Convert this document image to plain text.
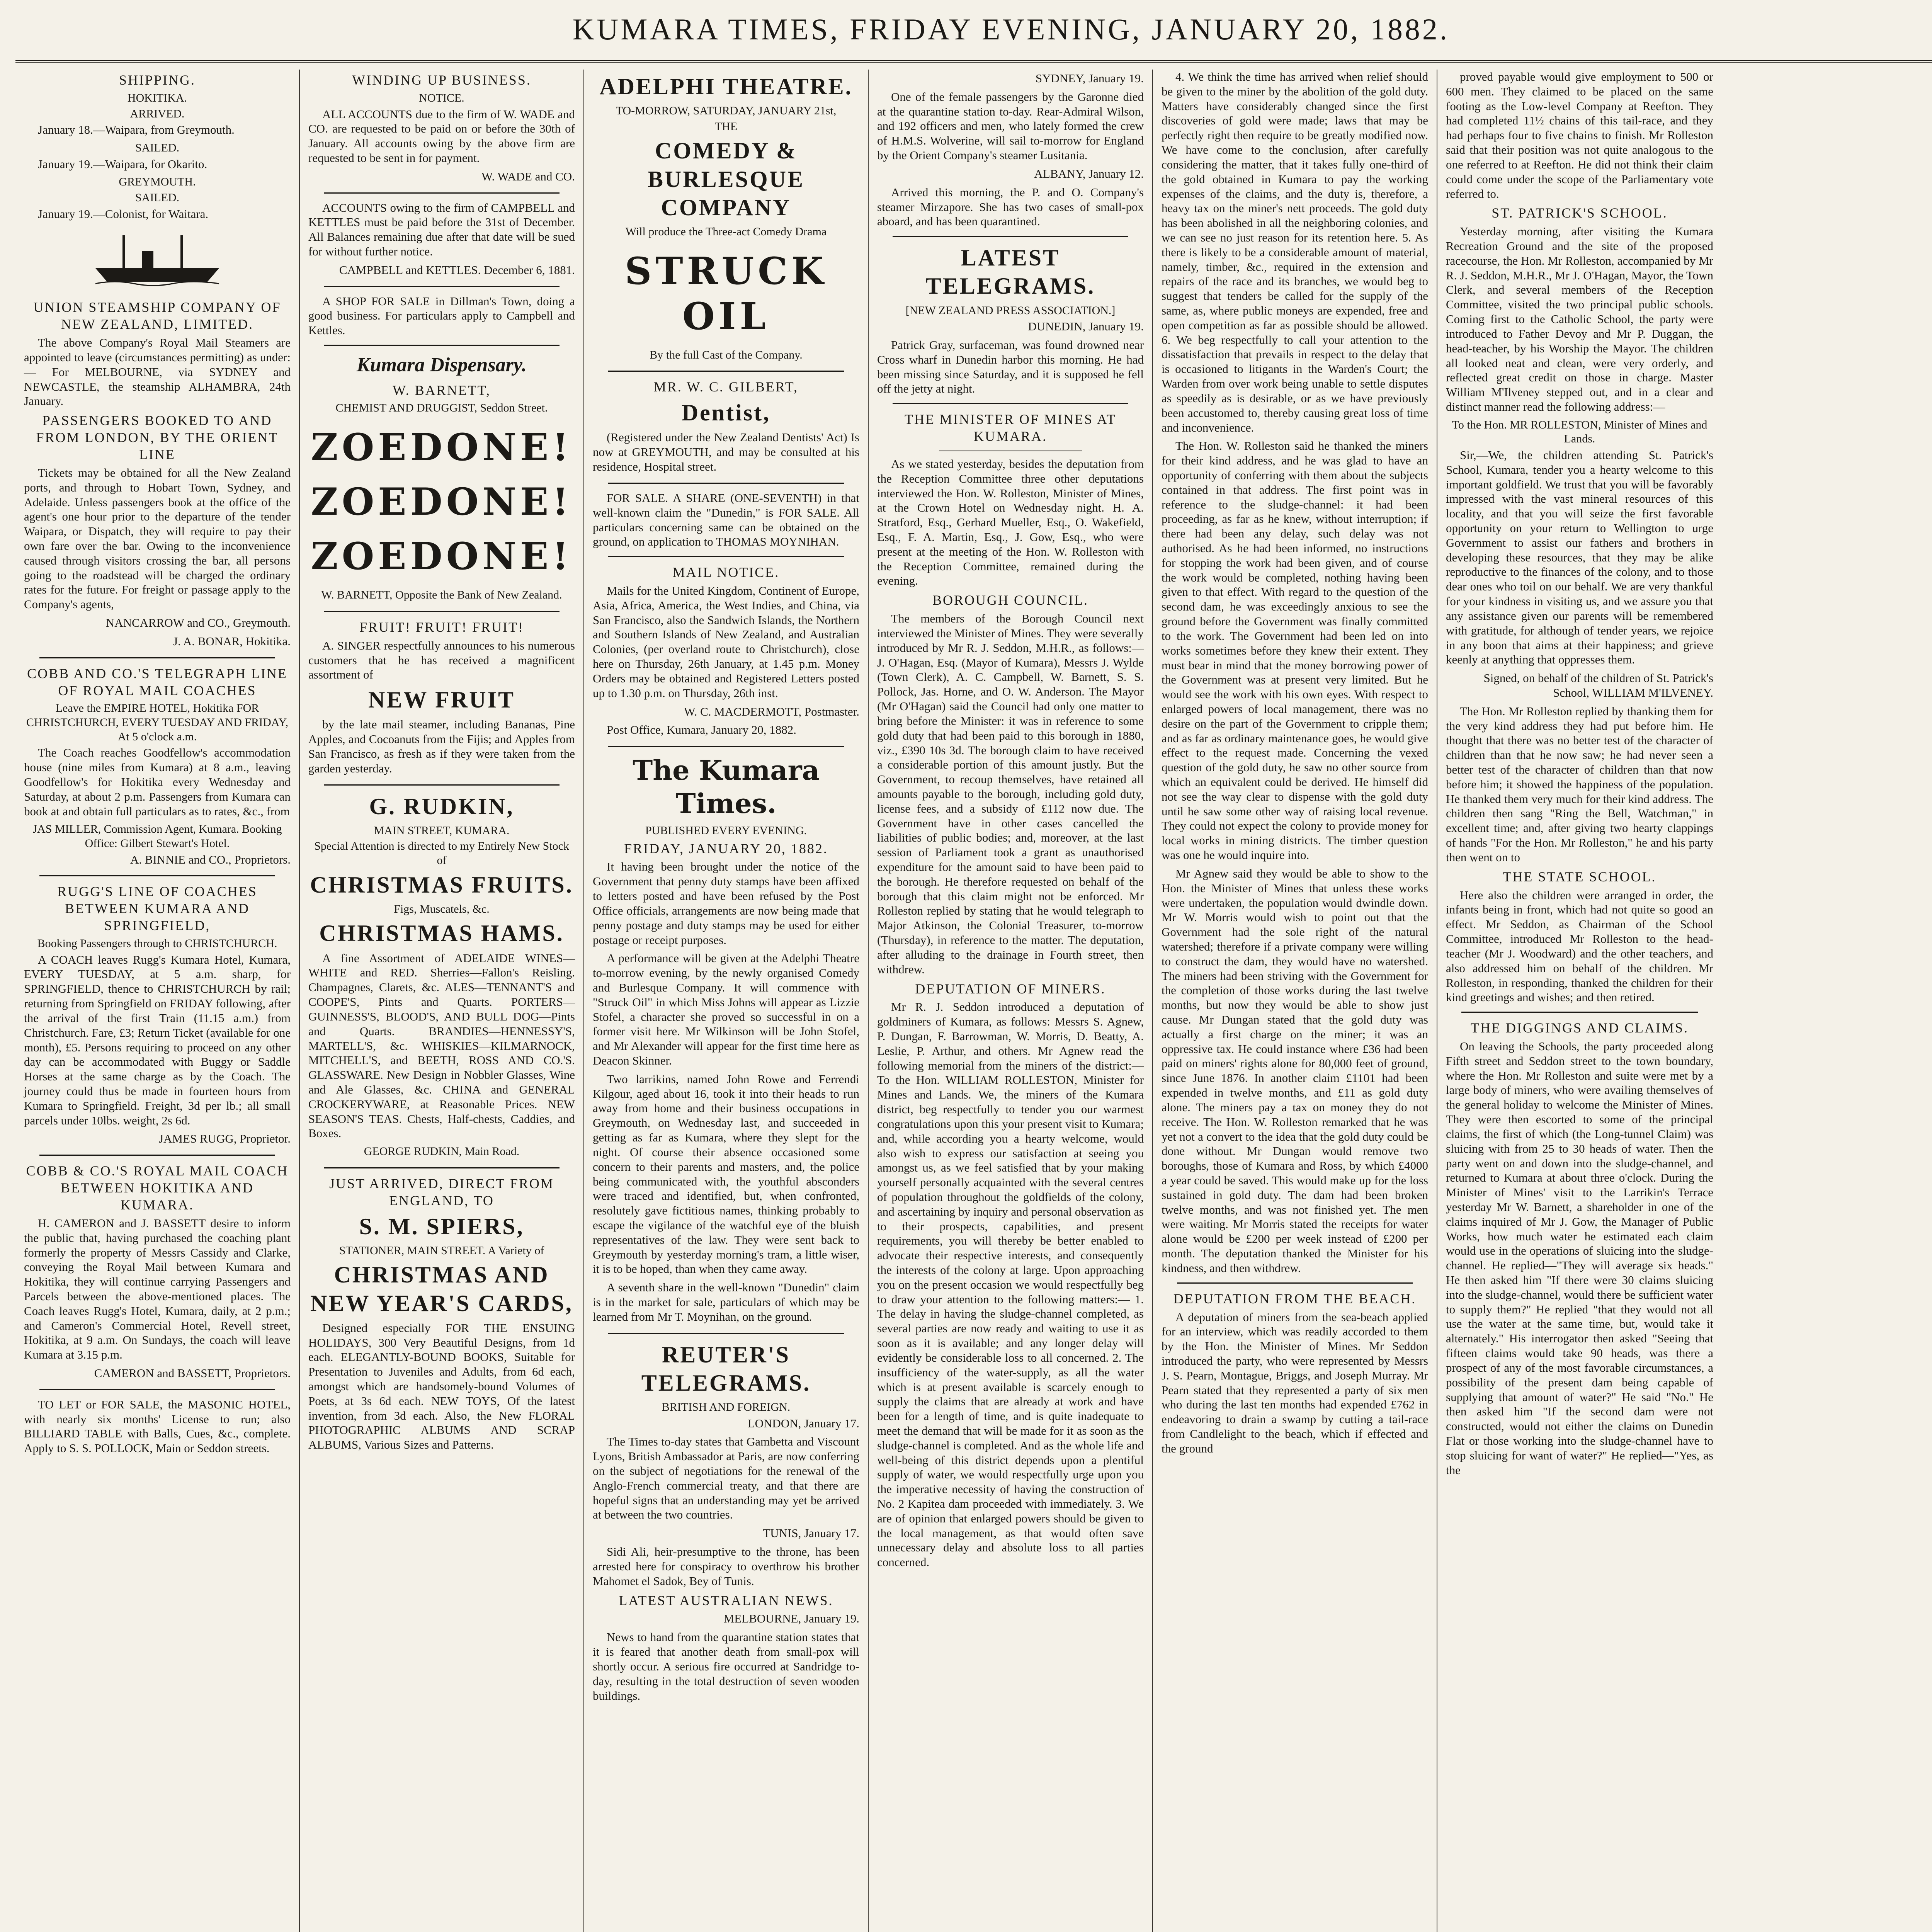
KUMARA TIMES, FRIDAY EVENING, JANUARY 20, 1882.
SHIPPING.
HOKITIKA.
ARRIVED.

January 18.—Waipara, from Greymouth.

SAILED.

January 19.—Waipara, for Okarito.

GREYMOUTH.
SAILED.

January 19.—Colonist, for Waitara.

UNION STEAMSHIP COMPANY OF NEW ZEALAND, LIMITED.

The above Company's Royal Mail Steamers are appointed to leave (circumstances permitting) as under:— For MELBOURNE, via SYDNEY and NEWCASTLE, the steamship ALHAMBRA, 24th January.

PASSENGERS BOOKED TO AND FROM LONDON, BY THE ORIENT LINE

Tickets may be obtained for all the New Zealand ports, and through to Hobart Town, Sydney, and Adelaide. Unless passengers book at the office of the agent's one hour prior to the departure of the tender Waipara, or Dispatch, they will require to pay their own fare over the bar. Owing to the inconvenience caused through visitors crossing the bar, all persons going to the roadstead will be charged the ordinary rates for the future. For freight or passage apply to the Company's agents,

NANCARROW and CO., Greymouth.
J. A. BONAR, Hokitika.
COBB AND CO.'S TELEGRAPH LINE OF ROYAL MAIL COACHES
Leave the EMPIRE HOTEL, Hokitika FOR CHRISTCHURCH, EVERY TUESDAY AND FRIDAY, At 5 o'clock a.m.

The Coach reaches Goodfellow's accommodation house (nine miles from Kumara) at 8 a.m., leaving Goodfellow's for Hokitika every Wednesday and Saturday, at about 2 p.m. Passengers from Kumara can book at and obtain full particulars as to rates, &c., from

JAS MILLER, Commission Agent, Kumara. Booking Office: Gilbert Stewart's Hotel.
A. BINNIE and CO., Proprietors.
RUGG'S LINE OF COACHES BETWEEN KUMARA AND SPRINGFIELD,
Booking Passengers through to CHRISTCHURCH.

A COACH leaves Rugg's Kumara Hotel, Kumara, EVERY TUESDAY, at 5 a.m. sharp, for SPRINGFIELD, thence to CHRISTCHURCH by rail; returning from Springfield on FRIDAY following, after the arrival of the first Train (11.15 a.m.) from Christchurch. Fare, £3; Return Ticket (available for one month), £5. Persons requiring to proceed on any other day can be accommodated with Buggy or Saddle Horses at the same charge as by the Coach. The journey could thus be made in fourteen hours from Kumara to Springfield. Freight, 3d per lb.; all small parcels under 10lbs. weight, 2s 6d.

JAMES RUGG, Proprietor.
COBB & CO.'S ROYAL MAIL COACH BETWEEN HOKITIKA AND KUMARA.

H. CAMERON and J. BASSETT desire to inform the public that, having purchased the coaching plant formerly the property of Messrs Cassidy and Clarke, conveying the Royal Mail between Kumara and Hokitika, they will continue carrying Passengers and Parcels between the above-mentioned places. The Coach leaves Rugg's Hotel, Kumara, daily, at 2 p.m.; and Cameron's Commercial Hotel, Revell street, Hokitika, at 9 a.m. On Sundays, the coach will leave Kumara at 3.15 p.m.

CAMERON and BASSETT, Proprietors.

TO LET or FOR SALE, the MASONIC HOTEL, with nearly six months' License to run; also BILLIARD TABLE with Balls, Cues, &c., complete. Apply to S. S. POLLOCK, Main or Seddon streets.

WINDING UP BUSINESS.
NOTICE.

ALL ACCOUNTS due to the firm of W. WADE and CO. are requested to be paid on or before the 30th of January. All accounts owing by the above firm are requested to be sent in for payment.

W. WADE and CO.

ACCOUNTS owing to the firm of CAMPBELL and KETTLES must be paid before the 31st of December. All Balances remaining due after that date will be sued for without further notice.

CAMPBELL and KETTLES. December 6, 1881.

A SHOP FOR SALE in Dillman's Town, doing a good business. For particulars apply to Campbell and Kettles.

Kumara Dispensary.
W. BARNETT,
CHEMIST AND DRUGGIST, Seddon Street.
ZOEDONE!
ZOEDONE!
ZOEDONE!
W. BARNETT, Opposite the Bank of New Zealand.
FRUIT! FRUIT! FRUIT!

A. SINGER respectfully announces to his numerous customers that he has received a magnificent assortment of

NEW FRUIT

by the late mail steamer, including Bananas, Pine Apples, and Cocoanuts from the Fijis; and Apples from San Francisco, as fresh as if they were taken from the garden yesterday.

G. RUDKIN,
MAIN STREET, KUMARA.
Special Attention is directed to my Entirely New Stock of
CHRISTMAS FRUITS.
Figs, Muscatels, &c.
CHRISTMAS HAMS.

A fine Assortment of ADELAIDE WINES—WHITE and RED. Sherries—Fallon's Reisling. Champagnes, Clarets, &c. ALES—TENNANT'S and COOPE'S, Pints and Quarts. PORTERS—GUINNESS'S, BLOOD'S, AND BULL DOG—Pints and Quarts. BRANDIES—HENNESSY'S, MARTELL'S, &c. WHISKIES—KILMARNOCK, MITCHELL'S, and BEETH, ROSS AND CO.'S. GLASSWARE. New Design in Nobbler Glasses, Wine and Ale Glasses, &c. CHINA and GENERAL CROCKERYWARE, at Reasonable Prices. NEW SEASON'S TEAS. Chests, Half-chests, Caddies, and Boxes.

GEORGE RUDKIN, Main Road.
JUST ARRIVED, DIRECT FROM ENGLAND, TO
S. M. SPIERS,
STATIONER, MAIN STREET. A Variety of
CHRISTMAS AND NEW YEAR'S CARDS,

Designed especially FOR THE ENSUING HOLIDAYS, 300 Very Beautiful Designs, from 1d each. ELEGANTLY-BOUND BOOKS, Suitable for Presentation to Juveniles and Adults, from 6d each, amongst which are handsomely-bound Volumes of Poets, at 3s 6d each. NEW TOYS, Of the latest invention, from 3d each. Also, the New FLORAL PHOTOGRAPHIC ALBUMS AND SCRAP ALBUMS, Various Sizes and Patterns.

ADELPHI THEATRE.
TO-MORROW, SATURDAY, JANUARY 21st,
THE
COMEDY & BURLESQUE COMPANY
Will produce the Three-act Comedy Drama
STRUCK OIL
By the full Cast of the Company.
MR. W. C. GILBERT,
Dentist,

(Registered under the New Zealand Dentists' Act) Is now at GREYMOUTH, and may be consulted at his residence, Hospital street.

FOR SALE. A SHARE (ONE-SEVENTH) in that well-known claim the "Dunedin," is FOR SALE. All particulars concerning same can be obtained on the ground, on application to THOMAS MOYNIHAN.

MAIL NOTICE.

Mails for the United Kingdom, Continent of Europe, Asia, Africa, America, the West Indies, and China, via San Francisco, also the Sandwich Islands, the Northern and Southern Islands of New Zealand, and Australian Colonies, (per overland route to Christchurch), close here on Thursday, 26th January, at 1.45 p.m. Money Orders may be obtained and Registered Letters posted up to 1.30 p.m. on Thursday, 26th inst.

W. C. MACDERMOTT, Postmaster.

Post Office, Kumara, January 20, 1882.

The Kumara Times.
PUBLISHED EVERY EVENING.
FRIDAY, JANUARY 20, 1882.

It having been brought under the notice of the Government that penny duty stamps have been affixed to letters posted and have been refused by the Post Office officials, arrangements are now being made that penny postage and duty stamps may be used for either postage or receipt purposes.

A performance will be given at the Adelphi Theatre to-morrow evening, by the newly organised Comedy and Burlesque Company. It will commence with "Struck Oil" in which Miss Johns will appear as Lizzie Stofel, a character she proved so successful in on a former visit here. Mr Wilkinson will be John Stofel, and Mr Alexander will appear for the first time here as Deacon Skinner.

Two larrikins, named John Rowe and Ferrendi Kilgour, aged about 16, took it into their heads to run away from home and their business occupations in Greymouth, on Wednesday last, and succeeded in getting as far as Kumara, where they slept for the night. Of course their absence occasioned some concern to their parents and masters, and, the police being communicated with, the youthful absconders were traced and identified, but, when confronted, resolutely gave fictitious names, thinking probably to escape the vigilance of the watchful eye of the bluish representatives of the law. They were sent back to Greymouth by yesterday morning's tram, a little wiser, it is to be hoped, than when they came away.

A seventh share in the well-known "Dunedin" claim is in the market for sale, particulars of which may be learned from Mr T. Moynihan, on the ground.

REUTER'S TELEGRAMS.
BRITISH AND FOREIGN.
LONDON, January 17.

The Times to-day states that Gambetta and Viscount Lyons, British Ambassador at Paris, are now conferring on the subject of negotiations for the renewal of the Anglo-French commercial treaty, and that there are hopeful signs that an understanding may yet be arrived at between the two countries.

TUNIS, January 17.

Sidi Ali, heir-presumptive to the throne, has been arrested here for conspiracy to overthrow his brother Mahomet el Sadok, Bey of Tunis.

LATEST AUSTRALIAN NEWS.
MELBOURNE, January 19.

News to hand from the quarantine station states that it is feared that another death from small-pox will shortly occur. A serious fire occurred at Sandridge to-day, resulting in the total destruction of seven wooden buildings.

SYDNEY, January 19.

One of the female passengers by the Garonne died at the quarantine station to-day. Rear-Admiral Wilson, and 192 officers and men, who lately formed the crew of H.M.S. Wolverine, will sail to-morrow for England by the Orient Company's steamer Lusitania.

ALBANY, January 12.

Arrived this morning, the P. and O. Company's steamer Mirzapore. She has two cases of small-pox aboard, and has been quarantined.

LATEST TELEGRAMS.
[NEW ZEALAND PRESS ASSOCIATION.]
DUNEDIN, January 19.

Patrick Gray, surfaceman, was found drowned near Cross wharf in Dunedin harbor this morning. He had been missing since Saturday, and it is supposed he fell off the jetty at night.

THE MINISTER OF MINES AT KUMARA.

As we stated yesterday, besides the deputation from the Reception Committee three other deputations interviewed the Hon. W. Rolleston, Minister of Mines, at the Crown Hotel on Wednesday night. H. A. Stratford, Esq., Gerhard Mueller, Esq., O. Wakefield, Esq., F. A. Martin, Esq., J. Gow, Esq., who were present at the meeting of the Hon. W. Rolleston with the Reception Committee, remained during the evening.

BOROUGH COUNCIL.

The members of the Borough Council next interviewed the Minister of Mines. They were severally introduced by Mr R. J. Seddon, M.H.R., as follows:— J. O'Hagan, Esq. (Mayor of Kumara), Messrs J. Wylde (Town Clerk), A. C. Campbell, W. Barnett, S. S. Pollock, Jas. Horne, and O. W. Anderson. The Mayor (Mr O'Hagan) said the Council had only one matter to bring before the Minister: it was in reference to some gold duty that had been paid to this borough in 1880, viz., £390 10s 3d. The borough claim to have received a considerable portion of this amount justly. But the Government, to recoup themselves, have retained all amounts payable to the borough, including gold duty, license fees, and a subsidy of £112 now due. The Government have in other cases cancelled the liabilities of public bodies; and, moreover, at the last session of Parliament took a grant as unauthorised expenditure for the amount said to have been paid to the borough. He therefore requested on behalf of the borough that this claim might not be enforced. Mr Rolleston replied by stating that he would telegraph to Major Atkinson, the Colonial Treasurer, to-morrow (Thursday), in reference to the matter. The deputation, after alluding to the drainage in Fourth street, then withdrew.

DEPUTATION OF MINERS.

Mr R. J. Seddon introduced a deputation of goldminers of Kumara, as follows: Messrs S. Agnew, P. Dungan, F. Barrowman, W. Morris, D. Beatty, A. Leslie, P. Arthur, and others. Mr Agnew read the following memorial from the miners of the district:— To the Hon. WILLIAM ROLLESTON, Minister for Mines and Lands. We, the miners of the Kumara district, beg respectfully to tender you our warmest congratulations upon this your present visit to Kumara; and, while according you a hearty welcome, would also wish to express our satisfaction at seeing you amongst us, as we feel satisfied that by your making yourself personally acquainted with the several centres of population throughout the goldfields of the colony, and ascertaining by inquiry and personal observation as to their prospects, capabilities, and present requirements, you will thereby be better enabled to advocate their respective interests, and consequently the interests of the colony at large. Upon approaching you on the present occasion we would respectfully beg to draw your attention to the following matters:— 1. The delay in having the sludge-channel completed, as several parties are now ready and waiting to use it as soon as it is available; and any longer delay will evidently be considerable loss to all concerned. 2. The insufficiency of the water-supply, as all the water which is at present available is scarcely enough to supply the claims that are already at work and have been for a length of time, and is quite inadequate to meet the demand that will be made for it as soon as the sludge-channel is completed. And as the whole life and well-being of this district depends upon a plentiful supply of water, we would respectfully urge upon you the imperative necessity of having the construction of No. 2 Kapitea dam proceeded with immediately. 3. We are of opinion that enlarged powers should be given to the local management, as that would often save unnecessary delay and absolute loss to all parties concerned.

4. We think the time has arrived when relief should be given to the miner by the abolition of the gold duty. Matters have considerably changed since the first discoveries of gold were made; laws that may be perfectly right then require to be greatly modified now. We have come to the conclusion, after carefully considering the matter, that it takes fully one-third of the gold obtained in Kumara to pay the working expenses of the claims, and the duty is, therefore, a heavy tax on the miner's nett proceeds. The gold duty has been abolished in all the neighboring colonies, and we can see no just reason for its retention here. 5. As there is likely to be a considerable amount of material, namely, timber, &c., required in the extension and repairs of the race and its branches, we would beg to suggest that tenders be called for the supply of the same, as, where public moneys are expended, free and open competition as far as possible should be allowed. 6. We beg respectfully to call your attention to the dissatisfaction that prevails in respect to the delay that is occasioned to litigants in the Warden's Court; the Warden from over work being unable to settle disputes as speedily as is desirable, or as we have previously been accustomed to, thereby causing great loss of time and inconvenience.

The Hon. W. Rolleston said he thanked the miners for their kind address, and he was glad to have an opportunity of conferring with them about the subjects contained in that address. The first point was in reference to the sludge-channel: it had been proceeding, as far as he knew, without interruption; if there had been any delay, such delay was not authorised. As he had been informed, no instructions for stopping the work had been given, and of course the work would be completed, nothing having been given to that effect. With regard to the question of the second dam, he was exceedingly anxious to see the ground before the Government was finally committed to the work. The Government had been led on into works sometimes before they knew their extent. They must bear in mind that the money borrowing power of the Government was at present very limited. But he would see the work with his own eyes. With respect to enlarged powers of local management, there was no desire on the part of the Government to cripple them; and as far as ordinary maintenance goes, he would give effect to the request made. Concerning the vexed question of the gold duty, he saw no other source from which an equivalent could be derived. He himself did not see the way clear to dispense with the gold duty until he saw some other way of raising local revenue. They could not expect the colony to provide money for local works in mining districts. The timber question was one he would inquire into.

Mr Agnew said they would be able to show to the Hon. the Minister of Mines that unless these works were undertaken, the population would dwindle down. Mr W. Morris would wish to point out that the Government had the sole right of the natural watershed; therefore if a private company were willing to construct the dam, they would have no watershed. The miners had been striving with the Government for the completion of those works during the last twelve months, but now they would be able to show just cause. Mr Dungan stated that the gold duty was actually a first charge on the miner; it was an oppressive tax. He could instance where £36 had been paid on miners' rights alone for 80,000 feet of ground, since June 1876. In another claim £1101 had been expended in twelve months, and £11 as gold duty alone. The miners pay a tax on money they do not receive. The Hon. W. Rolleston remarked that he was yet not a convert to the idea that the gold duty could be done without. Mr Dungan would remove two boroughs, those of Kumara and Ross, by which £4000 a year could be saved. This would make up for the loss sustained in gold duty. The dam had been broken twelve months, and was not finished yet. The men were waiting. Mr Morris stated the receipts for water alone would be £200 per week instead of £200 per month. The deputation thanked the Minister for his kindness, and then withdrew.

DEPUTATION FROM THE BEACH.

A deputation of miners from the sea-beach applied for an interview, which was readily accorded to them by the Hon. the Minister of Mines. Mr Seddon introduced the party, who were represented by Messrs J. S. Pearn, Montague, Briggs, and Joseph Murray. Mr Pearn stated that they represented a party of six men who during the last ten months had expended £762 in endeavoring to drain a swamp by cutting a tail-race from Candlelight to the beach, which if effected and the ground

proved payable would give employment to 500 or 600 men. They claimed to be placed on the same footing as the Low-level Company at Reefton. They had completed 11½ chains of this tail-race, and they had perhaps four to five chains to finish. Mr Rolleston said that their position was not quite analogous to the one referred to at Reefton. He did not think their claim could come under the scope of the Parliamentary vote referred to.

ST. PATRICK'S SCHOOL.

Yesterday morning, after visiting the Kumara Recreation Ground and the site of the proposed racecourse, the Hon. Mr Rolleston, accompanied by Mr R. J. Seddon, M.H.R., Mr J. O'Hagan, Mayor, the Town Clerk, and several members of the Reception Committee, visited the two principal public schools. Coming first to the Catholic School, the party were introduced to Father Devoy and Mr P. Duggan, the head-teacher, by his Worship the Mayor. The children all looked neat and clean, were very orderly, and reflected great credit on those in charge. Master William M'Ilveney stepped out, and in a clear and distinct manner read the following address:—

To the Hon. MR ROLLESTON, Minister of Mines and Lands.

Sir,—We, the children attending St. Patrick's School, Kumara, tender you a hearty welcome to this important goldfield. We trust that you will be favorably impressed with the vast mineral resources of this locality, and that you will seize the first favorable opportunity on your return to Wellington to urge Government to assist our fathers and brothers in developing these resources, that they may be alike reproductive to the finances of the colony, and to those dear ones who toil on our behalf. We are very thankful for your kindness in visiting us, and we assure you that any assistance given our parents will be remembered with gratitude, for although of tender years, we rejoice in any boon that aims at their happiness; and grieve keenly at anything that oppresses them.

Signed, on behalf of the children of St. Patrick's School, WILLIAM M'ILVENEY.

The Hon. Mr Rolleston replied by thanking them for the very kind address they had put before him. He thought that there was no better test of the character of children than that he now saw; he had never seen a better test of the character of children than that now before him; it showed the happiness of the population. He thanked them very much for their kind address. The children then sang "Ring the Bell, Watchman," in excellent time; and, after giving two hearty clappings of hands "For the Hon. Mr Rolleston," he and his party then went on to

THE STATE SCHOOL.

Here also the children were arranged in order, the infants being in front, which had not quite so good an effect. Mr Seddon, as Chairman of the School Committee, introduced Mr Rolleston to the head-teacher (Mr J. Woodward) and the other teachers, and also addressed him on behalf of the children. Mr Rolleston, in responding, thanked the children for their kind greetings and wishes; and then retired.

THE DIGGINGS AND CLAIMS.

On leaving the Schools, the party proceeded along Fifth street and Seddon street to the town boundary, where the Hon. Mr Rolleston and suite were met by a large body of miners, who were availing themselves of the general holiday to welcome the Minister of Mines. They were then escorted to some of the principal claims, the first of which (the Long-tunnel Claim) was sluicing with from 25 to 30 heads of water. Then the party went on and down into the sludge-channel, and returned to Kumara at about three o'clock. During the Minister of Mines' visit to the Larrikin's Terrace yesterday Mr W. Barnett, a shareholder in one of the claims inquired of Mr J. Gow, the Manager of Public Works, how much water he estimated each claim would use in the operations of sluicing into the sludge-channel. He replied—"They will average six heads." He then asked him "If there were 30 claims sluicing into the sludge-channel, would there be sufficient water to supply them?" He replied "that they would not all use the water at the same time, but, would take it alternately." His interrogator then asked "Seeing that fifteen claims would take 90 heads, was there a prospect of any of the most favorable circumstances, a possibility of the present dam being capable of supplying that amount of water?" He said "No." He then asked him "If the second dam were not constructed, would not either the claims on Dunedin Flat or those working into the sludge-channel have to stop sluicing for want of water?" He replied—"Yes, as the
